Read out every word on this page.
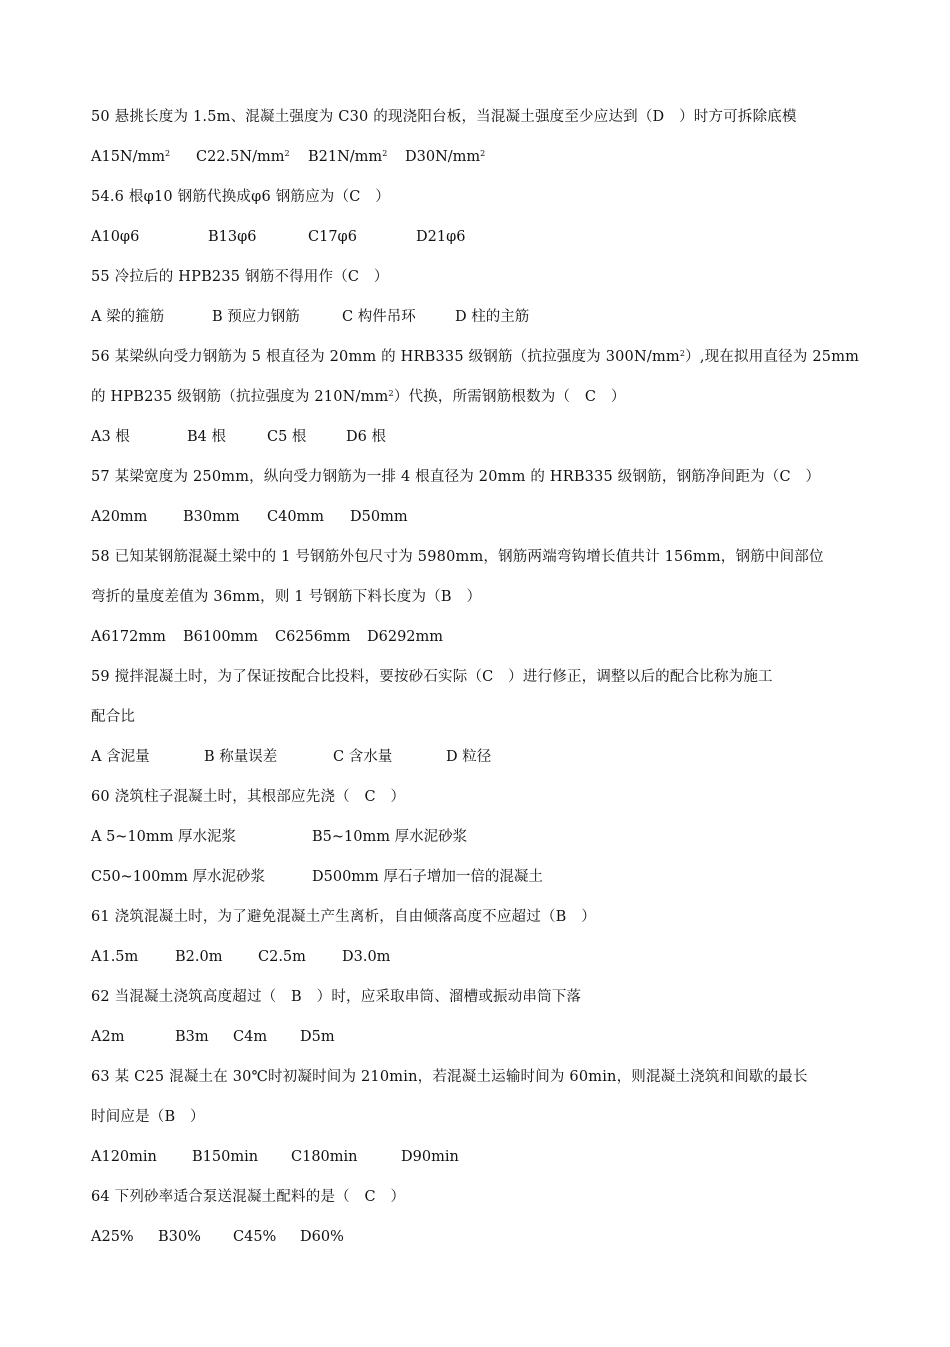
50 悬挑长度为 1.5m、混凝土强度为 C30 的现浇阳台板，当混凝土强度至少应达到（D　）时方可拆除底模

$A15N/mm^2$

$C22.5N/mm^2$

$B21N/mm^2$

$D30N/mm^2$

54.6 根φ10 钢筋代换成φ6 钢筋应为（C　）

A10φ6

	B13φ6

	C17φ6

	D21φ6

55 冷拉后的 HPB235 钢筋不得用作（C　）

A 梁的箍筋

	B 预应力钢筋

	C 构件吊环

	D 柱的主筋

56 某梁纵向受力钢筋为 5 根直径为 20mm 的 HRB335 级钢筋（抗拉强度为 $300N/mm^2$）,现在拟用直径为 25mm
的 HPB235 级钢筋（抗拉强度为 $210N/mm^2$）代换，所需钢筋根数为（　C　）

A3 根

	B4 根

	C5 根

	D6 根

57 某梁宽度为 250mm，纵向受力钢筋为一排 4 根直径为 20mm 的 HRB335 级钢筋，钢筋净间距为（C　）

A20mm

B30mm

C40mm

D50mm

58 已知某钢筋混凝土梁中的 1 号钢筋外包尺寸为 5980mm，钢筋两端弯钩增长值共计 156mm，钢筋中间部位
弯折的量度差值为 36mm，则 1 号钢筋下料长度为（B　）

A6172mm

B6100mm

C6256mm

D6292mm

59 搅拌混凝土时，为了保证按配合比投料，要按砂石实际（C　）进行修正，调整以后的配合比称为施工
配合比

A 含泥量

	B 称量误差

	C 含水量

	D 粒径

60 浇筑柱子混凝土时，其根部应先浇（　C　）

A 5~10mm 厚水泥浆

	B5~10mm 厚水泥砂浆

C50~100mm 厚水泥砂浆

	D500mm 厚石子增加一倍的混凝土

61 浇筑混凝土时，为了避免混凝土产生离析，自由倾落高度不应超过（B　）

A1.5m

	B2.0m

C2.5m

D3.0m

62 当混凝土浇筑高度超过（　B　）时，应采取串筒、溜槽或振动串筒下落

A2m

	B3m

C4m

D5m

63 某 C25 混凝土在 30℃时初凝时间为 210min，若混凝土运输时间为 60min，则混凝土浇筑和间歇的最长
时间应是（B　）

A120min

B150min

C180min

	D90min

64 下列砂率适合泵送混凝土配料的是（　C　）

A25%

B30%

C45%

D60%
